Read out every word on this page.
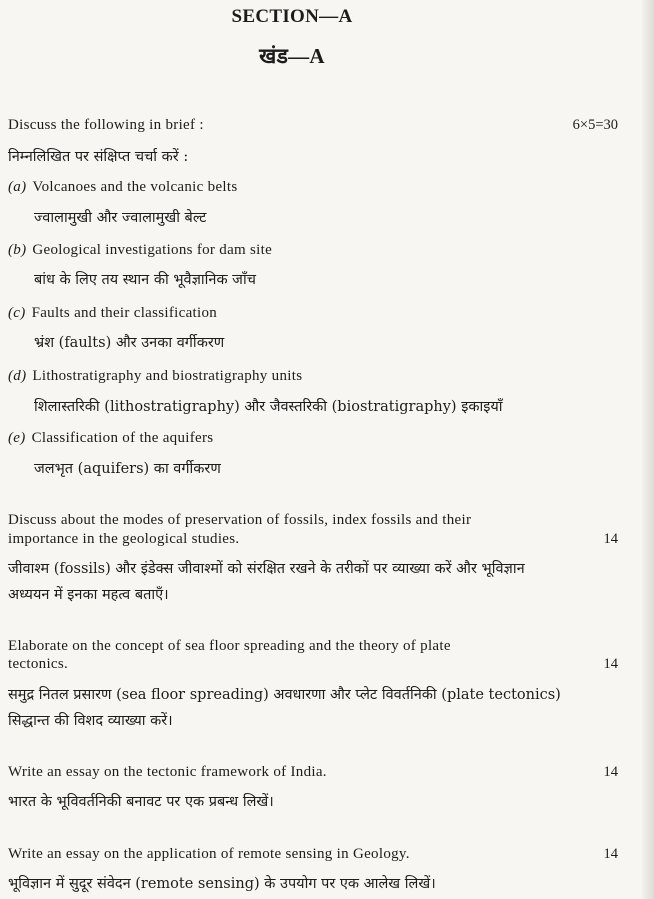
SECTION—A
खंड—A
Discuss the following in brief :	6×5=30
निम्नलिखित पर संक्षिप्त चर्चा करें :
(a) Volcanoes and the volcanic belts
ज्वालामुखी और ज्वालामुखी बेल्ट
(b) Geological investigations for dam site
बांध के लिए तय स्थान की भूवैज्ञानिक जाँच
(c) Faults and their classification
भ्रंश (faults) और उनका वर्गीकरण
(d) Lithostratigraphy and biostratigraphy units
शिलास्तरिकी (lithostratigraphy) और जैवस्तरिकी (biostratigraphy) इकाइयाँ
(e) Classification of the aquifers
जलभृत (aquifers) का वर्गीकरण
Discuss about the modes of preservation of fossils, index fossils and their
importance in the geological studies.	14
जीवाश्म (fossils) और इंडेक्स जीवाश्मों को संरक्षित रखने के तरीकों पर व्याख्या करें और भूविज्ञान
अध्ययन में इनका महत्व बताएँ।
Elaborate on the concept of sea floor spreading and the theory of plate
tectonics.	14
समुद्र नितल प्रसारण (sea floor spreading) अवधारणा और प्लेट विवर्तनिकी (plate tectonics)
सिद्धान्त की विशद व्याख्या करें।
Write an essay on the tectonic framework of India.	14
भारत के भूविवर्तनिकी बनावट पर एक प्रबन्ध लिखें।
Write an essay on the application of remote sensing in Geology.	14
भूविज्ञान में सुदूर संवेदन (remote sensing) के उपयोग पर एक आलेख लिखें।
